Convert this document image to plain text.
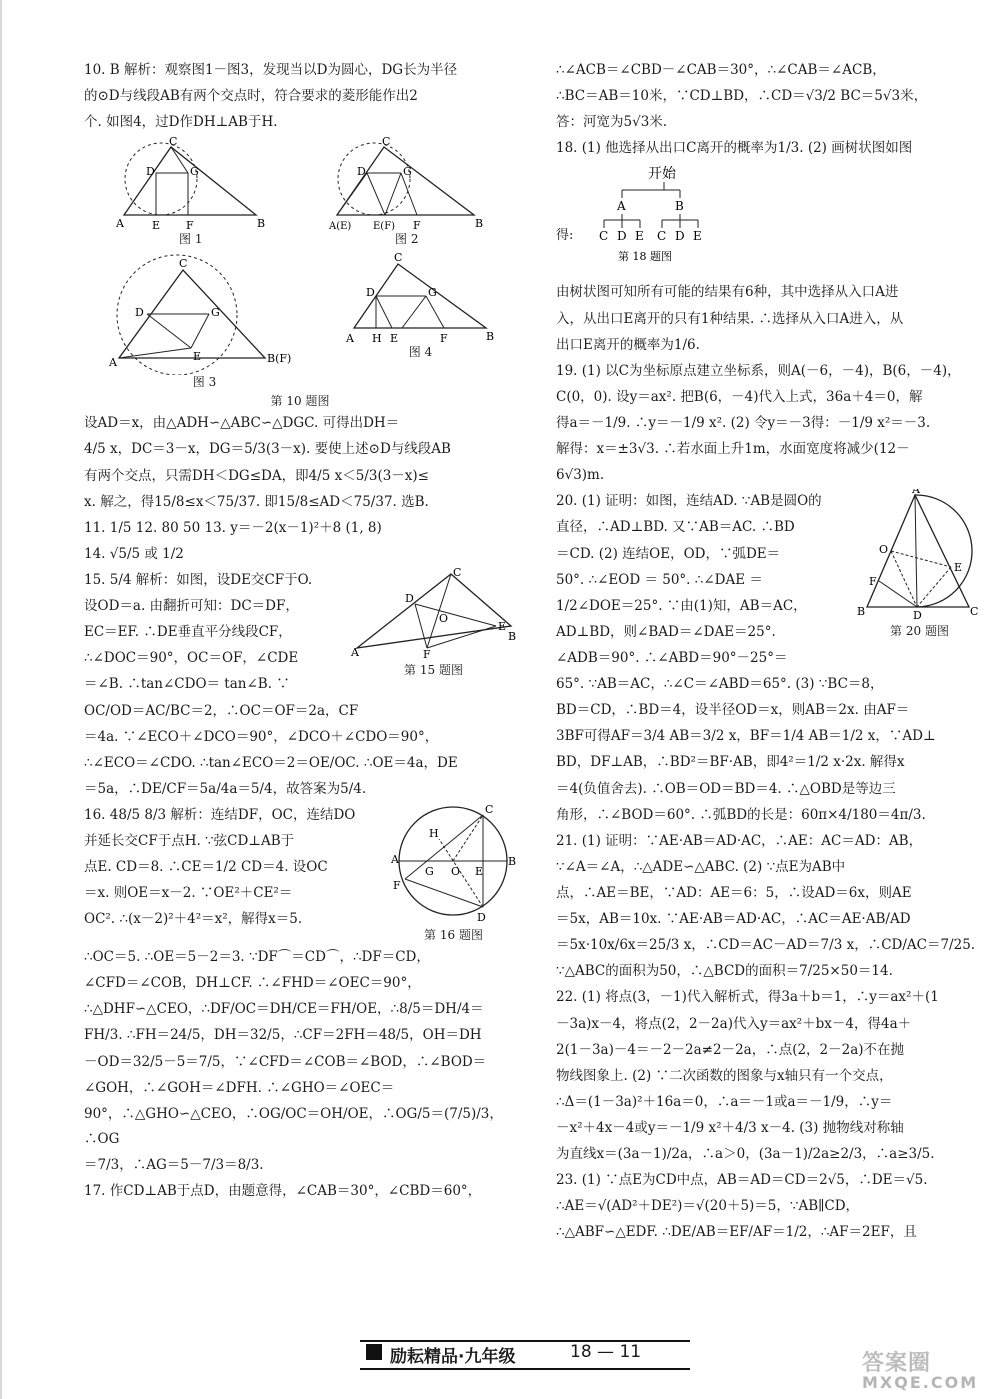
10. B 解析：观察图1－图3，发现当以D为圆心，DG长为半径

的⊙D与线段AB有两个交点时，符合要求的菱形能作出2

个. 如图4，过D作DH⊥AB于H.

C
D	G
A	E F	B
图 1
C
D	G
A(E) E(F) F	B
图 2
C
D	G
A	E	B(F)
图 3
C
D	G
A H E	F	B
图 4
第 10 题图

设AD＝x，由△ADH∽△ABC∽△DGC. 可得出DH＝

4/5 x，DC＝3－x，DG＝5/3(3－x). 要使上述⊙D与线段AB

有两个交点，只需DH＜DG≤DA，即4/5 x＜5/3(3－x)≤

x. 解之，得15/8≤x＜75/37. 即15/8≤AD＜75/37. 选B.

11. 1/5 12. 80 50 13. y＝－2(x－1)²＋8 (1, 8)

14. √5/5 或 1/2

C
D
O
E
A	F
B
第 15 题图

15. 5/4 解析：如图，设DE交CF于O.

设OD＝a. 由翻折可知：DC＝DF，

EC＝EF. ∴DE垂直平分线段CF，

∴∠DOC＝90°，OC＝OF，∠CDE

＝∠B. ∴tan∠CDO＝ tan∠B. ∵

OC/OD＝AC/BC＝2，∴OC＝OF＝2a，CF

＝4a. ∵∠ECO＋∠DCO＝90°，∠DCO＋∠CDO＝90°，

∴∠ECO＝∠CDO. ∴tan∠ECO＝2＝OE/OC. ∴OE＝4a，DE

＝5a，∴DE/CF＝5a/4a＝5/4，故答案为5/4.

C
H
A
G O E
B
F
D
第 16 题图

16. 48/5 8/3 解析：连结DF，OC，连结DO

并延长交CF于点H. ∵弦CD⊥AB于

点E. CD＝8. ∴CE＝1/2 CD＝4. 设OC

＝x. 则OE＝x－2. ∵OE²＋CE²＝

OC². ∴(x－2)²＋4²＝x²，解得x＝5.

∴OC＝5. ∴OE＝5－2＝3. ∵DF⌒＝CD⌒，∴DF＝CD，

∠CFD＝∠COB，DH⊥CF. ∴∠FHD＝∠OEC＝90°，

∴△DHF∽△CEO，∴DF/OC＝DH/CE＝FH/OE，∴8/5＝DH/4＝

FH/3. ∴FH＝24/5，DH＝32/5，∴CF＝2FH＝48/5，OH＝DH

－OD＝32/5－5＝7/5，∵∠CFD＝∠COB＝∠BOD，∴∠BOD＝

∠GOH，∴∠GOH＝∠DFH. ∴∠GHO＝∠OEC＝

90°，∴△GHO∽△CEO，∴OG/OC＝OH/OE，∴OG/5＝(7/5)/3，∴OG

＝7/3，∴AG＝5－7/3＝8/3.

17. 作CD⊥AB于点D，由题意得，∠CAB＝30°，∠CBD＝60°，

∴∠ACB＝∠CBD－∠CAB＝30°，∴∠CAB＝∠ACB，

∴BC＝AB＝10米，∵CD⊥BD，∴CD＝√3/2 BC＝5√3米，

答：河宽为5√3米.

18. (1) 他选择从出口C离开的概率为1/3. (2) 画树状图如图

得:
开始
A	B
C D E C D E
第 18 题图

由树状图可知所有可能的结果有6种，其中选择从入口A进

入，从出口E离开的只有1种结果. ∴选择从入口A进入，从

出口E离开的概率为1/6.

19. (1) 以C为坐标原点建立坐标系，则A(－6，－4)，B(6，－4)，

C(0，0). 设y＝ax². 把B(6，－4)代入上式，36a＋4＝0，解

得a＝－1/9. ∴y＝－1/9 x². (2) 令y＝－3得：－1/9 x²＝－3.

解得：x＝±3√3. ∴若水面上升1m，水面宽度将减少(12－

6√3)m.

A
O
E
F
B	D	C
第 20 题图

20. (1) 证明：如图，连结AD. ∵AB是圆O的

直径，∴AD⊥BD. 又∵AB＝AC. ∴BD

＝CD. (2) 连结OE，OD，∵弧DE＝

50°. ∴∠EOD ＝ 50°. ∴∠DAE ＝

1/2∠DOE＝25°. ∵由(1)知，AB＝AC，

AD⊥BD，则∠BAD＝∠DAE＝25°.

∠ADB＝90°. ∴∠ABD＝90°－25°＝

65°. ∵AB＝AC，∴∠C＝∠ABD＝65°. (3) ∵BC＝8，

BD＝CD，∴BD＝4，设半径OD＝x，则AB＝2x. 由AF＝

3BF可得AF＝3/4 AB＝3/2 x，BF＝1/4 AB＝1/2 x，∵AD⊥

BD，DF⊥AB，∴BD²＝BF·AB，即4²＝1/2 x·2x. 解得x

＝4(负值舍去). ∴OB＝OD＝BD＝4. ∴△OBD是等边三

角形，∴∠BOD＝60°. ∴弧BD的长是：60π×4/180＝4π/3.

21. (1) 证明：∵AE·AB＝AD·AC，∴AE：AC＝AD：AB，

∵∠A＝∠A，∴△ADE∽△ABC. (2) ∵点E为AB中

点，∴AE＝BE，∵AD：AE＝6：5，∴设AD＝6x，则AE

＝5x，AB＝10x. ∵AE·AB＝AD·AC，∴AC＝AE·AB/AD

＝5x·10x/6x＝25/3 x，∴CD＝AC－AD＝7/3 x，∴CD/AC＝7/25.

∵△ABC的面积为50，∴△BCD的面积＝7/25×50＝14.

22. (1) 将点(3，－1)代入解析式，得3a＋b＝1，∴y＝ax²＋(1

－3a)x－4，将点(2，2－2a)代入y＝ax²＋bx－4，得4a＋

2(1－3a)－4＝－2－2a≠2－2a，∴点(2，2－2a)不在抛

物线图象上. (2) ∵二次函数的图象与x轴只有一个交点，

∴Δ＝(1－3a)²＋16a＝0，∴a＝－1或a＝－1/9，∴y＝

－x²＋4x－4或y＝－1/9 x²＋4/3 x－4. (3) 抛物线对称轴

为直线x＝(3a－1)/2a，∴a＞0，(3a－1)/2a≥2/3，∴a≥3/5.

23. (1) ∵点E为CD中点，AB＝AD＝CD＝2√5，∴DE＝√5.

∴AE＝√(AD²＋DE²)＝√(20＋5)＝5，∵AB∥CD，

∴△ABF∽△EDF. ∴DE/AB＝EF/AF＝1/2，∴AF＝2EF，且

励耘精品·九年级	18 — 11	答案圈
MXQE.COM
